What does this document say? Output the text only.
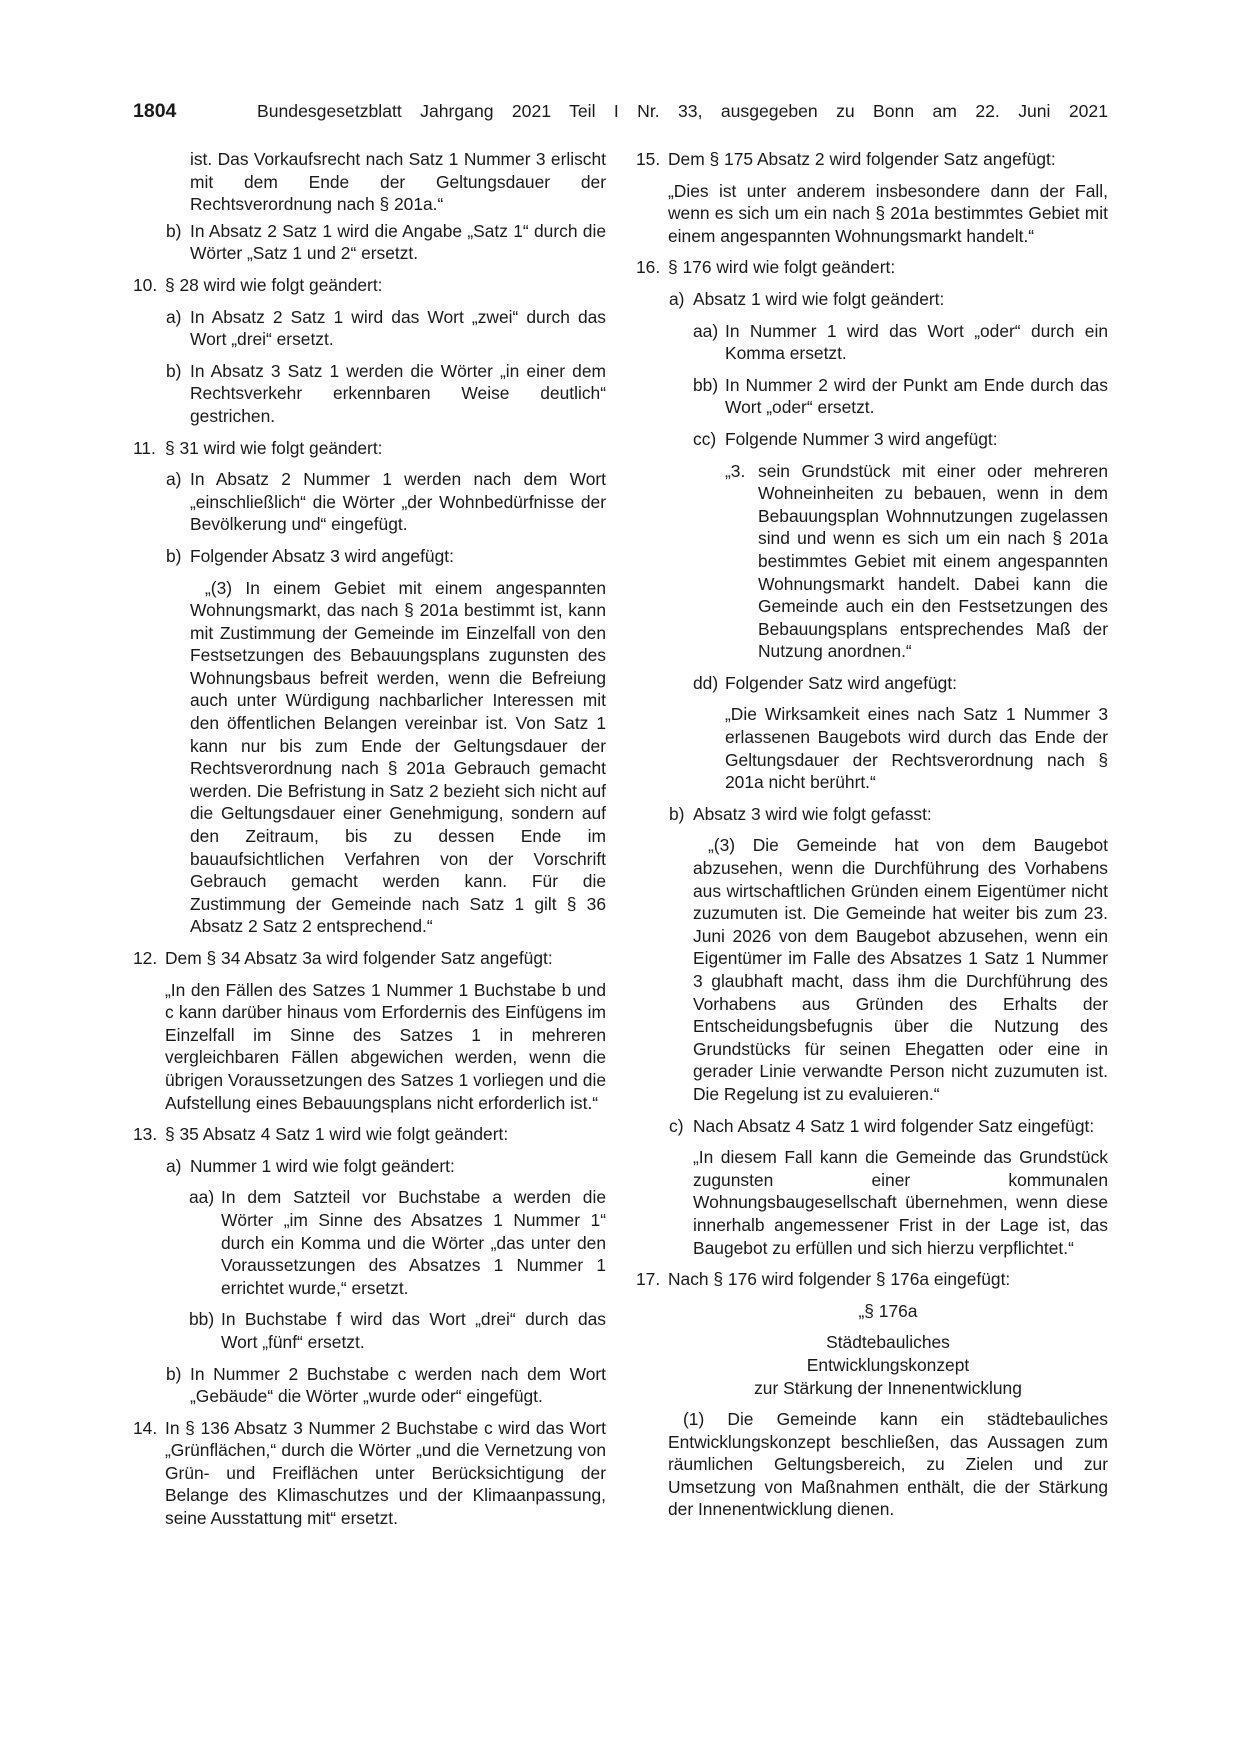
1804	Bundesgesetzblatt Jahrgang 2021 Teil I Nr. 33, ausgegeben zu Bonn am 22. Juni 2021

ist. Das Vorkaufsrecht nach Satz 1 Nummer 3 erlischt mit dem Ende der Geltungsdauer der Rechtsverordnung nach § 201a.“

b) In Absatz 2 Satz 1 wird die Angabe „Satz 1“ durch die Wörter „Satz 1 und 2“ ersetzt.

10. § 28 wird wie folgt geändert:

a) In Absatz 2 Satz 1 wird das Wort „zwei“ durch das Wort „drei“ ersetzt.

b) In Absatz 3 Satz 1 werden die Wörter „in einer dem Rechtsverkehr erkennbaren Weise deutlich“ gestrichen.

11. § 31 wird wie folgt geändert:

a) In Absatz 2 Nummer 1 werden nach dem Wort „einschließlich“ die Wörter „der Wohnbedürfnisse der Bevölkerung und“ eingefügt.

b) Folgender Absatz 3 wird angefügt:

„(3) In einem Gebiet mit einem angespannten Wohnungsmarkt, das nach § 201a bestimmt ist, kann mit Zustimmung der Gemeinde im Einzelfall von den Festsetzungen des Bebauungsplans zugunsten des Wohnungsbaus befreit werden, wenn die Befreiung auch unter Würdigung nachbarlicher Interessen mit den öffentlichen Belangen vereinbar ist. Von Satz 1 kann nur bis zum Ende der Geltungsdauer der Rechtsverordnung nach § 201a Gebrauch gemacht werden. Die Befristung in Satz 2 bezieht sich nicht auf die Geltungsdauer einer Genehmigung, sondern auf den Zeitraum, bis zu dessen Ende im bauaufsichtlichen Verfahren von der Vorschrift Gebrauch gemacht werden kann. Für die Zustimmung der Gemeinde nach Satz 1 gilt § 36 Absatz 2 Satz 2 entsprechend.“

12. Dem § 34 Absatz 3a wird folgender Satz angefügt:

„In den Fällen des Satzes 1 Nummer 1 Buchstabe b und c kann darüber hinaus vom Erfordernis des Einfügens im Einzelfall im Sinne des Satzes 1 in mehreren vergleichbaren Fällen abgewichen werden, wenn die übrigen Voraussetzungen des Satzes 1 vorliegen und die Aufstellung eines Bebauungsplans nicht erforderlich ist.“

13. § 35 Absatz 4 Satz 1 wird wie folgt geändert:

a) Nummer 1 wird wie folgt geändert:

aa) In dem Satzteil vor Buchstabe a werden die Wörter „im Sinne des Absatzes 1 Nummer 1“ durch ein Komma und die Wörter „das unter den Voraussetzungen des Absatzes 1 Nummer 1 errichtet wurde,“ ersetzt.

bb) In Buchstabe f wird das Wort „drei“ durch das Wort „fünf“ ersetzt.

b) In Nummer 2 Buchstabe c werden nach dem Wort „Gebäude“ die Wörter „wurde oder“ eingefügt.

14. In § 136 Absatz 3 Nummer 2 Buchstabe c wird das Wort „Grünflächen,“ durch die Wörter „und die Vernetzung von Grün- und Freiflächen unter Berücksichtigung der Belange des Klimaschutzes und der Klimaanpassung, seine Ausstattung mit“ ersetzt.

15. Dem § 175 Absatz 2 wird folgender Satz angefügt:

„Dies ist unter anderem insbesondere dann der Fall, wenn es sich um ein nach § 201a bestimmtes Gebiet mit einem angespannten Wohnungsmarkt handelt.“

16. § 176 wird wie folgt geändert:

a) Absatz 1 wird wie folgt geändert:

aa) In Nummer 1 wird das Wort „oder“ durch ein Komma ersetzt.

bb) In Nummer 2 wird der Punkt am Ende durch das Wort „oder“ ersetzt.

cc) Folgende Nummer 3 wird angefügt:

„3. sein Grundstück mit einer oder mehreren Wohneinheiten zu bebauen, wenn in dem Bebauungsplan Wohnnutzungen zugelassen sind und wenn es sich um ein nach § 201a bestimmtes Gebiet mit einem angespannten Wohnungsmarkt handelt. Dabei kann die Gemeinde auch ein den Festsetzungen des Bebauungsplans entsprechendes Maß der Nutzung anordnen.“

dd) Folgender Satz wird angefügt:

„Die Wirksamkeit eines nach Satz 1 Nummer 3 erlassenen Baugebots wird durch das Ende der Geltungsdauer der Rechtsverordnung nach § 201a nicht berührt.“

b) Absatz 3 wird wie folgt gefasst:

„(3) Die Gemeinde hat von dem Baugebot abzusehen, wenn die Durchführung des Vorhabens aus wirtschaftlichen Gründen einem Eigentümer nicht zuzumuten ist. Die Gemeinde hat weiter bis zum 23. Juni 2026 von dem Baugebot abzusehen, wenn ein Eigentümer im Falle des Absatzes 1 Satz 1 Nummer 3 glaubhaft macht, dass ihm die Durchführung des Vorhabens aus Gründen des Erhalts der Entscheidungsbefugnis über die Nutzung des Grundstücks für seinen Ehegatten oder eine in gerader Linie verwandte Person nicht zuzumuten ist. Die Regelung ist zu evaluieren.“

c) Nach Absatz 4 Satz 1 wird folgender Satz eingefügt:

„In diesem Fall kann die Gemeinde das Grundstück zugunsten einer kommunalen Wohnungsbaugesellschaft übernehmen, wenn diese innerhalb angemessener Frist in der Lage ist, das Baugebot zu erfüllen und sich hierzu verpflichtet.“

17. Nach § 176 wird folgender § 176a eingefügt:

„§ 176a

Städtebauliches

Entwicklungskonzept

zur Stärkung der Innenentwicklung

(1) Die Gemeinde kann ein städtebauliches Entwicklungskonzept beschließen, das Aussagen zum räumlichen Geltungsbereich, zu Zielen und zur Umsetzung von Maßnahmen enthält, die der Stärkung der Innenentwicklung dienen.
